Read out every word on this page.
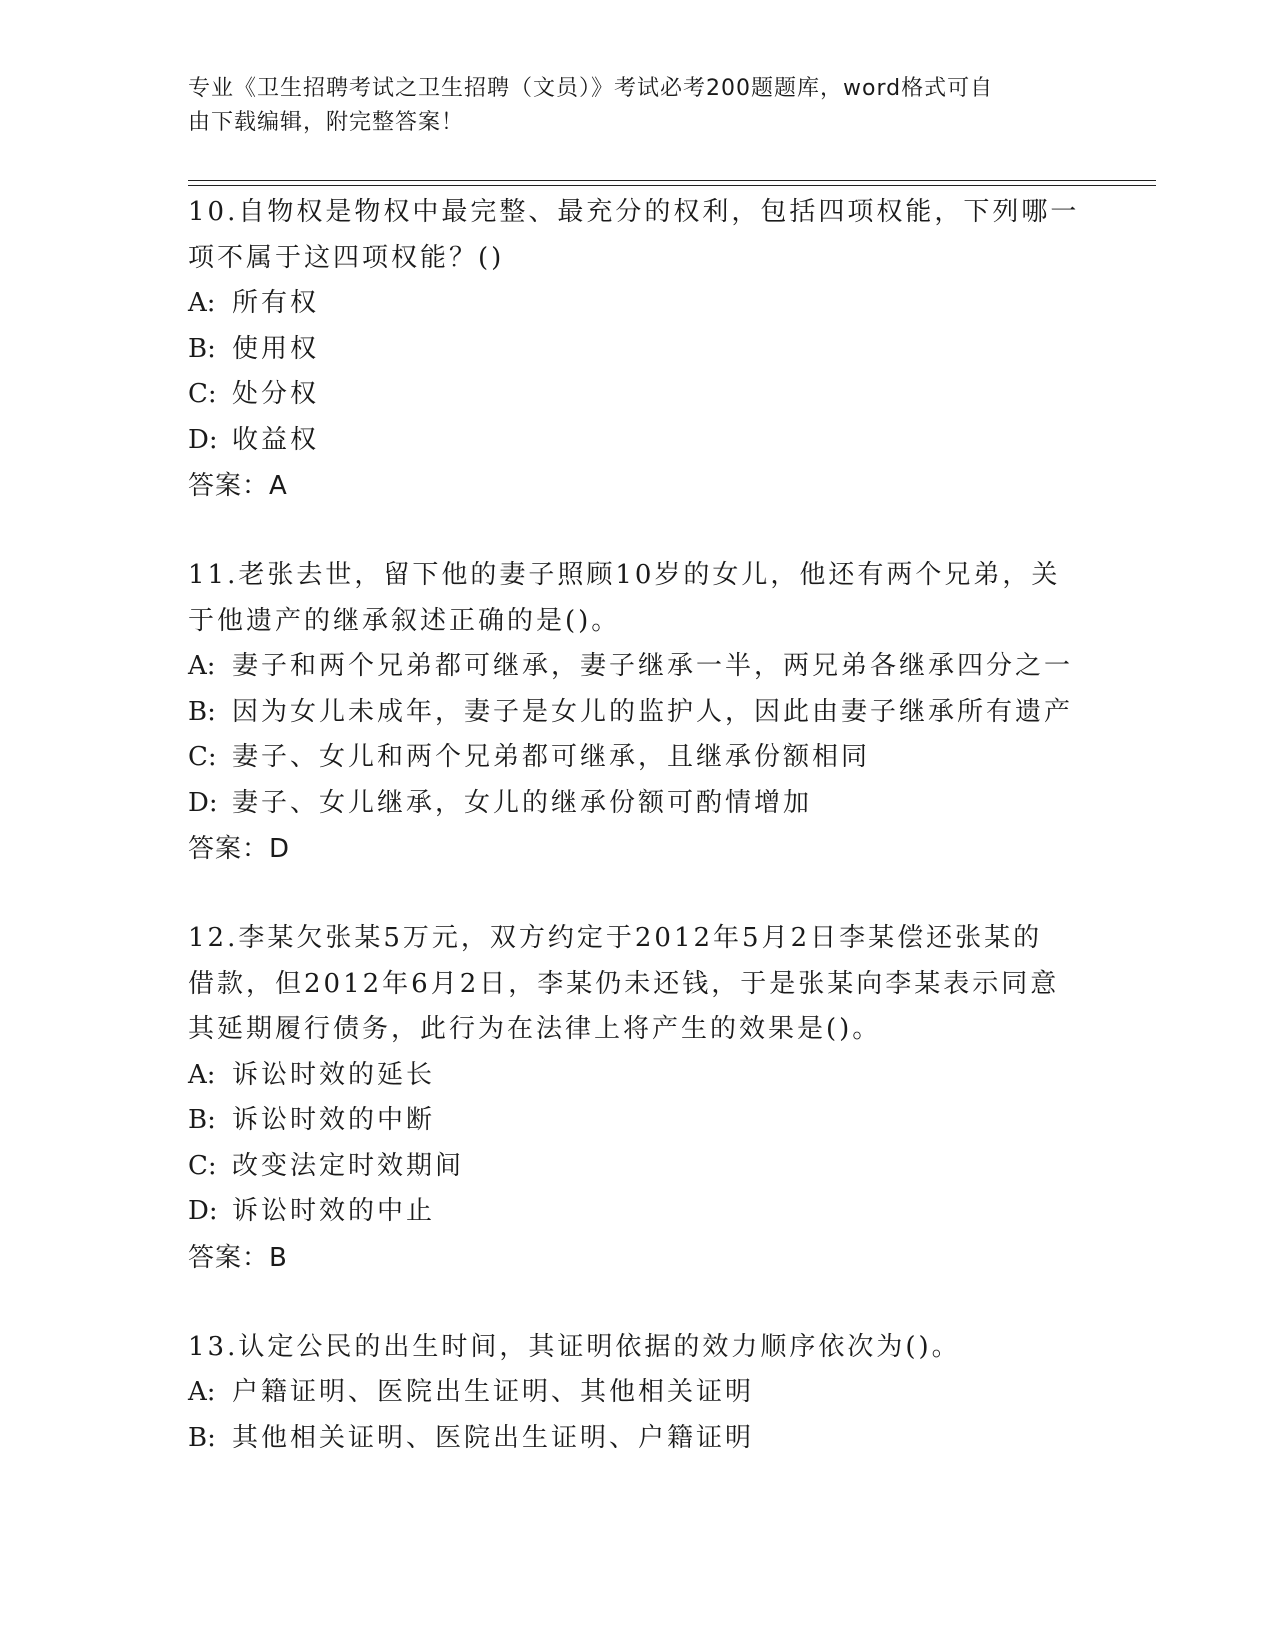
专业《卫生招聘考试之卫生招聘（文员）》考试必考200题题库，word格式可自
由下载编辑，附完整答案！
10.自物权是物权中最完整、最充分的权利，包括四项权能，下列哪一
项不属于这四项权能？()
A: 所有权
B: 使用权
C: 处分权
D: 收益权
答案：A
11.老张去世，留下他的妻子照顾10岁的女儿，他还有两个兄弟，关
于他遗产的继承叙述正确的是()。
A: 妻子和两个兄弟都可继承，妻子继承一半，两兄弟各继承四分之一
B: 因为女儿未成年，妻子是女儿的监护人，因此由妻子继承所有遗产
C: 妻子、女儿和两个兄弟都可继承，且继承份额相同
D: 妻子、女儿继承，女儿的继承份额可酌情增加
答案：D
12.李某欠张某5万元，双方约定于2012年5月2日李某偿还张某的
借款，但2012年6月2日，李某仍未还钱，于是张某向李某表示同意
其延期履行债务，此行为在法律上将产生的效果是()。
A: 诉讼时效的延长
B: 诉讼时效的中断
C: 改变法定时效期间
D: 诉讼时效的中止
答案：B
13.认定公民的出生时间，其证明依据的效力顺序依次为()。
A: 户籍证明、医院出生证明、其他相关证明
B: 其他相关证明、医院出生证明、户籍证明
